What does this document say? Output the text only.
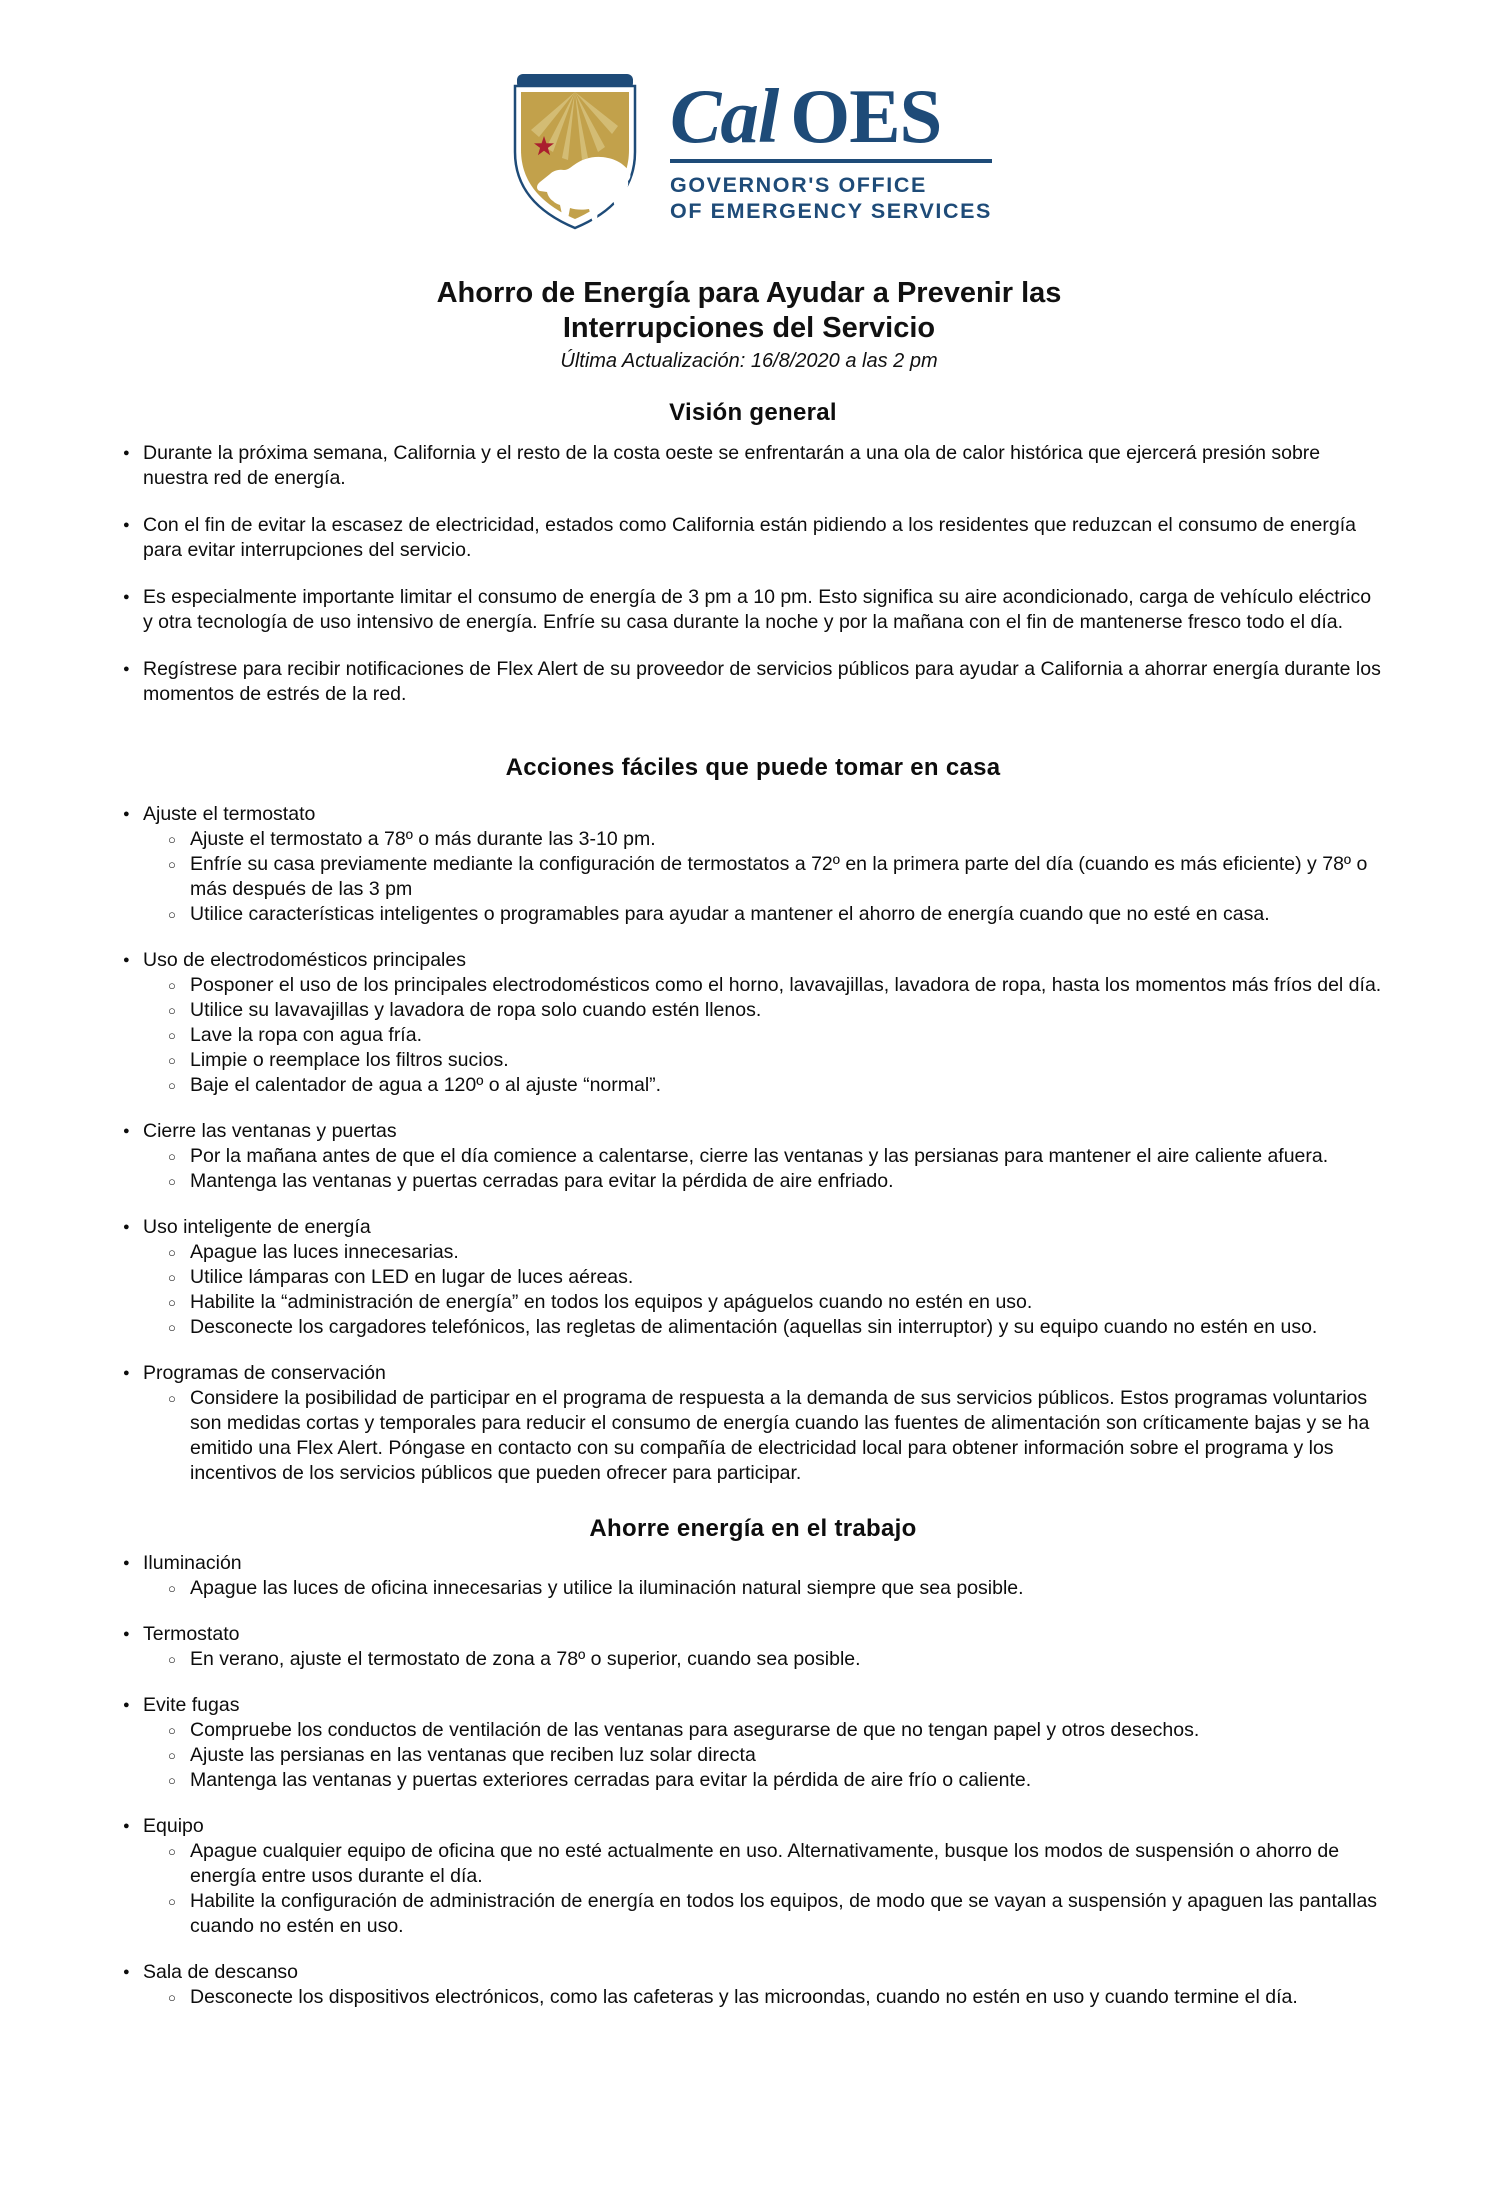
Cal OES
GOVERNOR'S OFFICE
OF EMERGENCY SERVICES
Ahorro de Energía para Ayudar a Prevenir las
Interrupciones del Servicio
Última Actualización: 16/8/2020 a las 2 pm
Visión general
● Durante la próxima semana, California y el resto de la costa oeste se enfrentarán a una ola de calor histórica que ejercerá presión sobre nuestra red de energía.
● Con el fin de evitar la escasez de electricidad, estados como California están pidiendo a los residentes que reduzcan el consumo de energía para evitar interrupciones del servicio.
● Es especialmente importante limitar el consumo de energía de 3 pm a 10 pm. Esto significa su aire acondicionado, carga de vehículo eléctrico y otra tecnología de uso intensivo de energía. Enfríe su casa durante la noche y por la mañana con el fin de mantenerse fresco todo el día.
● Regístrese para recibir notificaciones de Flex Alert de su proveedor de servicios públicos para ayudar a California a ahorrar energía durante los momentos de estrés de la red.
Acciones fáciles que puede tomar en casa
● Ajuste el termostato
○ Ajuste el termostato a 78º o más durante las 3-10 pm.
○ Enfríe su casa previamente mediante la configuración de termostatos a 72º en la primera parte del día (cuando es más eficiente) y 78º o más después de las 3 pm
○ Utilice características inteligentes o programables para ayudar a mantener el ahorro de energía cuando que no esté en casa.
● Uso de electrodomésticos principales
○ Posponer el uso de los principales electrodomésticos como el horno, lavavajillas, lavadora de ropa, hasta los momentos más fríos del día.
○ Utilice su lavavajillas y lavadora de ropa solo cuando estén llenos.
○ Lave la ropa con agua fría.
○ Limpie o reemplace los filtros sucios.
○ Baje el calentador de agua a 120º o al ajuste “normal”.
● Cierre las ventanas y puertas
○ Por la mañana antes de que el día comience a calentarse, cierre las ventanas y las persianas para mantener el aire caliente afuera.
○ Mantenga las ventanas y puertas cerradas para evitar la pérdida de aire enfriado.
● Uso inteligente de energía
○ Apague las luces innecesarias.
○ Utilice lámparas con LED en lugar de luces aéreas.
○ Habilite la “administración de energía” en todos los equipos y apáguelos cuando no estén en uso.
○ Desconecte los cargadores telefónicos, las regletas de alimentación (aquellas sin interruptor) y su equipo cuando no estén en uso.
● Programas de conservación
○ Considere la posibilidad de participar en el programa de respuesta a la demanda de sus servicios públicos. Estos programas voluntarios son medidas cortas y temporales para reducir el consumo de energía cuando las fuentes de alimentación son críticamente bajas y se ha emitido una Flex Alert. Póngase en contacto con su compañía de electricidad local para obtener información sobre el programa y los incentivos de los servicios públicos que pueden ofrecer para participar.
Ahorre energía en el trabajo
● Iluminación
○ Apague las luces de oficina innecesarias y utilice la iluminación natural siempre que sea posible.
● Termostato
○ En verano, ajuste el termostato de zona a 78º o superior, cuando sea posible.
● Evite fugas
○ Compruebe los conductos de ventilación de las ventanas para asegurarse de que no tengan papel y otros desechos.
○ Ajuste las persianas en las ventanas que reciben luz solar directa
○ Mantenga las ventanas y puertas exteriores cerradas para evitar la pérdida de aire frío o caliente.
● Equipo
○ Apague cualquier equipo de oficina que no esté actualmente en uso. Alternativamente, busque los modos de suspensión o ahorro de energía entre usos durante el día.
○ Habilite la configuración de administración de energía en todos los equipos, de modo que se vayan a suspensión y apaguen las pantallas cuando no estén en uso.
● Sala de descanso
○ Desconecte los dispositivos electrónicos, como las cafeteras y las microondas, cuando no estén en uso y cuando termine el día.
